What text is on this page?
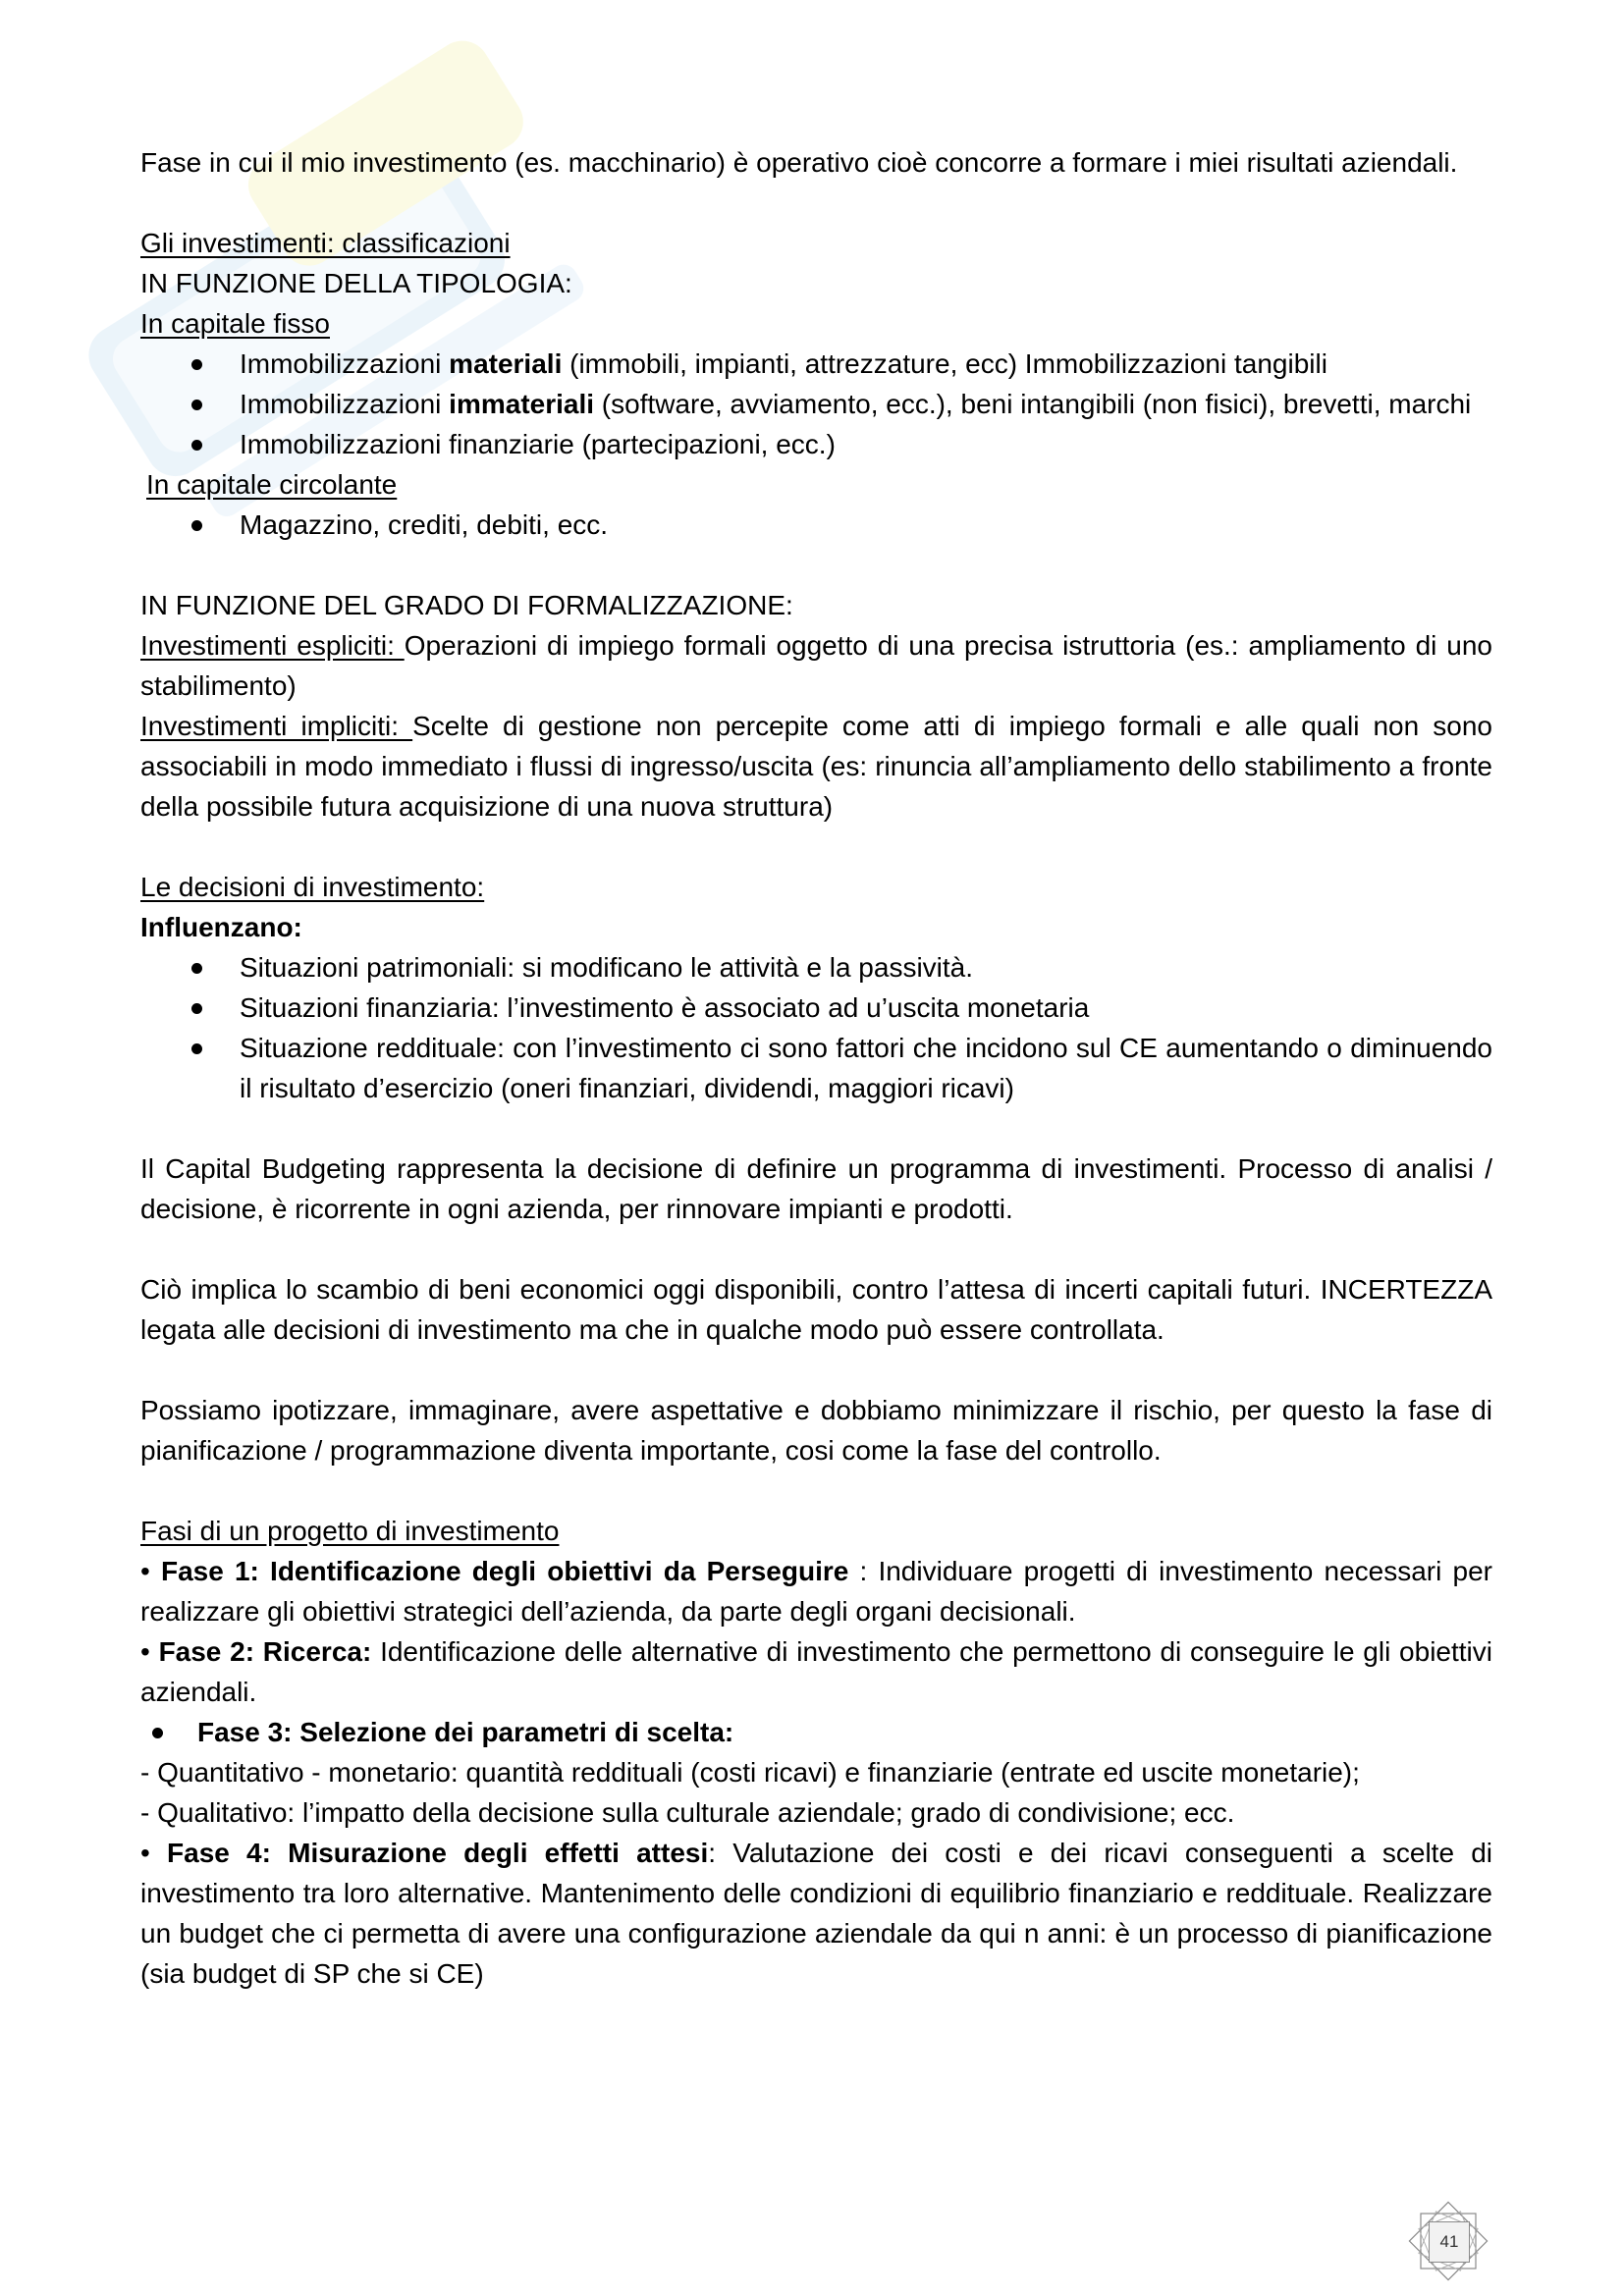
Fase in cui il mio investimento (es. macchinario) è operativo cioè concorre a formare i miei risultati aziendali.

Gli investimenti: classificazioni

IN FUNZIONE DELLA TIPOLOGIA:

In capitale fisso

Immobilizzazioni materiali (immobili, impianti, attrezzature, ecc) Immobilizzazioni tangibili
Immobilizzazioni immateriali (software, avviamento, ecc.), beni intangibili (non fisici), brevetti, marchi
Immobilizzazioni finanziarie (partecipazioni, ecc.)

In capitale circolante

Magazzino, crediti, debiti, ecc.

IN FUNZIONE DEL GRADO DI FORMALIZZAZIONE:

Investimenti espliciti: Operazioni di impiego formali oggetto di una precisa istruttoria (es.: ampliamento di uno stabilimento)

Investimenti impliciti: Scelte di gestione non percepite come atti di impiego formali e alle quali non sono associabili in modo immediato i flussi di ingresso/uscita (es: rinuncia all’ampliamento dello stabilimento a fronte della possibile futura acquisizione di una nuova struttura)

Le decisioni di investimento:

Influenzano:

Situazioni patrimoniali: si modificano le attività e la passività.
Situazioni finanziaria: l’investimento è associato ad u’uscita monetaria
Situazione reddituale: con l’investimento ci sono fattori che incidono sul CE aumentando o diminuendo il risultato d’esercizio (oneri finanziari, dividendi, maggiori ricavi)

Il Capital Budgeting rappresenta la decisione di definire un programma di investimenti. Processo di analisi / decisione, è ricorrente in ogni azienda, per rinnovare impianti e prodotti.

Ciò implica lo scambio di beni economici oggi disponibili, contro l’attesa di incerti capitali futuri. INCERTEZZA legata alle decisioni di investimento ma che in qualche modo può essere controllata.

Possiamo ipotizzare, immaginare, avere aspettative e dobbiamo minimizzare il rischio, per questo la fase di pianificazione / programmazione diventa importante, cosi come la fase del controllo.

Fasi di un progetto di investimento

• Fase 1: Identificazione degli obiettivi da Perseguire : Individuare progetti di investimento necessari per realizzare gli obiettivi strategici dell’azienda, da parte degli organi decisionali.

• Fase 2: Ricerca: Identificazione delle alternative di investimento che permettono di conseguire le gli obiettivi aziendali.

Fase 3: Selezione dei parametri di scelta:

- Quantitativo - monetario: quantità reddituali (costi ricavi) e finanziarie (entrate ed uscite monetarie);

- Qualitativo: l’impatto della decisione sulla culturale aziendale; grado di condivisione; ecc.

• Fase 4: Misurazione degli effetti attesi: Valutazione dei costi e dei ricavi conseguenti a scelte di investimento tra loro alternative. Mantenimento delle condizioni di equilibrio finanziario e reddituale. Realizzare un budget che ci permetta di avere una configurazione aziendale da qui n anni: è un processo di pianificazione (sia budget di SP che si CE)

41
